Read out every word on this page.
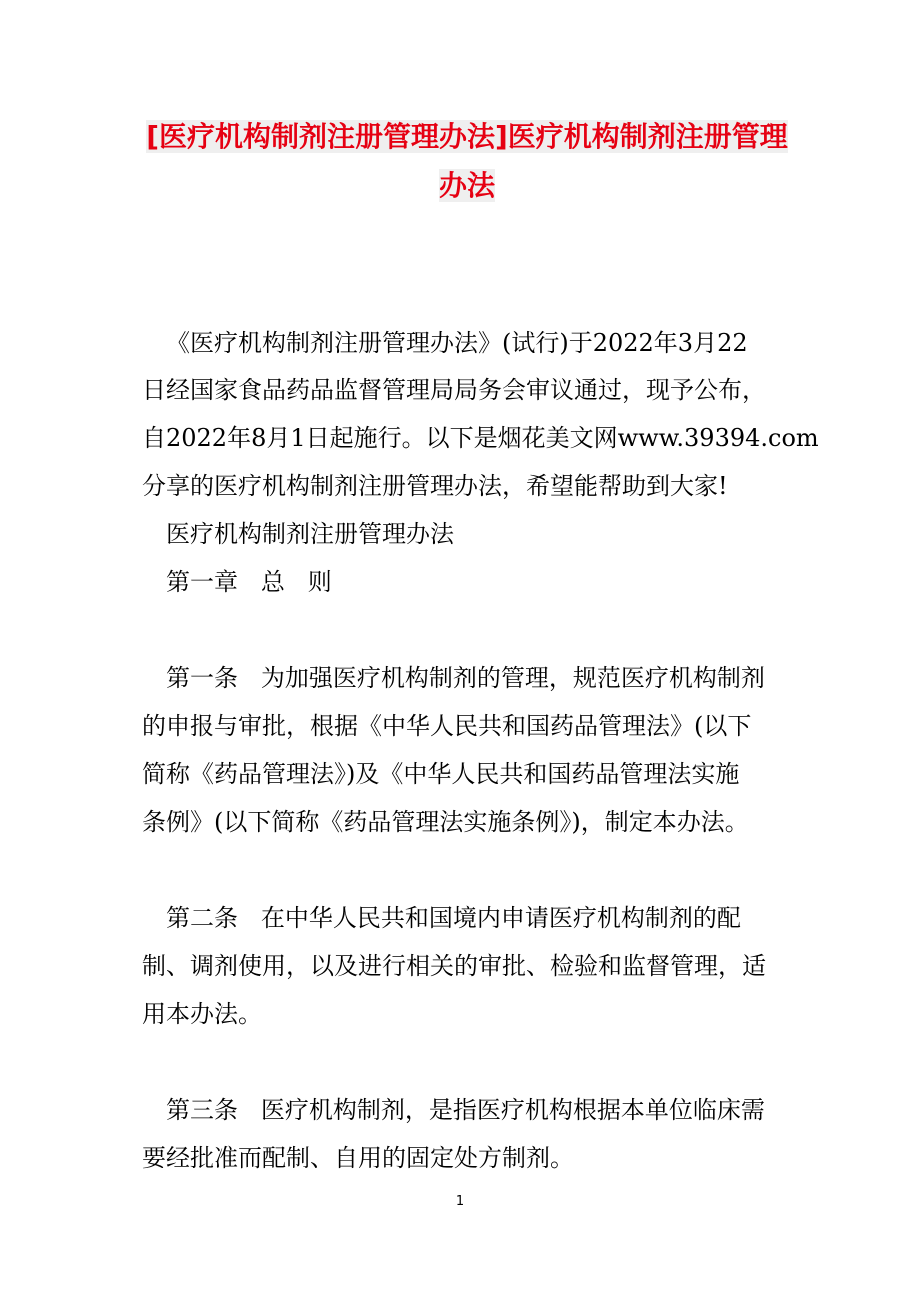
[医疗机构制剂注册管理办法]医疗机构制剂注册管理办法
《医疗机构制剂注册管理办法》(试行)于2022年3月22
日经国家食品药品监督管理局局务会审议通过，现予公布，
自2022年8月1日起施行。以下是烟花美文网www.39394.com
分享的医疗机构制剂注册管理办法，希望能帮助到大家!
医疗机构制剂注册管理办法
第一章   总   则
第一条   为加强医疗机构制剂的管理，规范医疗机构制剂
的申报与审批，根据《中华人民共和国药品管理法》(以下
简称《药品管理法》)及《中华人民共和国药品管理法实施
条例》(以下简称《药品管理法实施条例》)，制定本办法。
第二条   在中华人民共和国境内申请医疗机构制剂的配
制、调剂使用，以及进行相关的审批、检验和监督管理，适
用本办法。
第三条   医疗机构制剂，是指医疗机构根据本单位临床需
要经批准而配制、自用的固定处方制剂。
1
